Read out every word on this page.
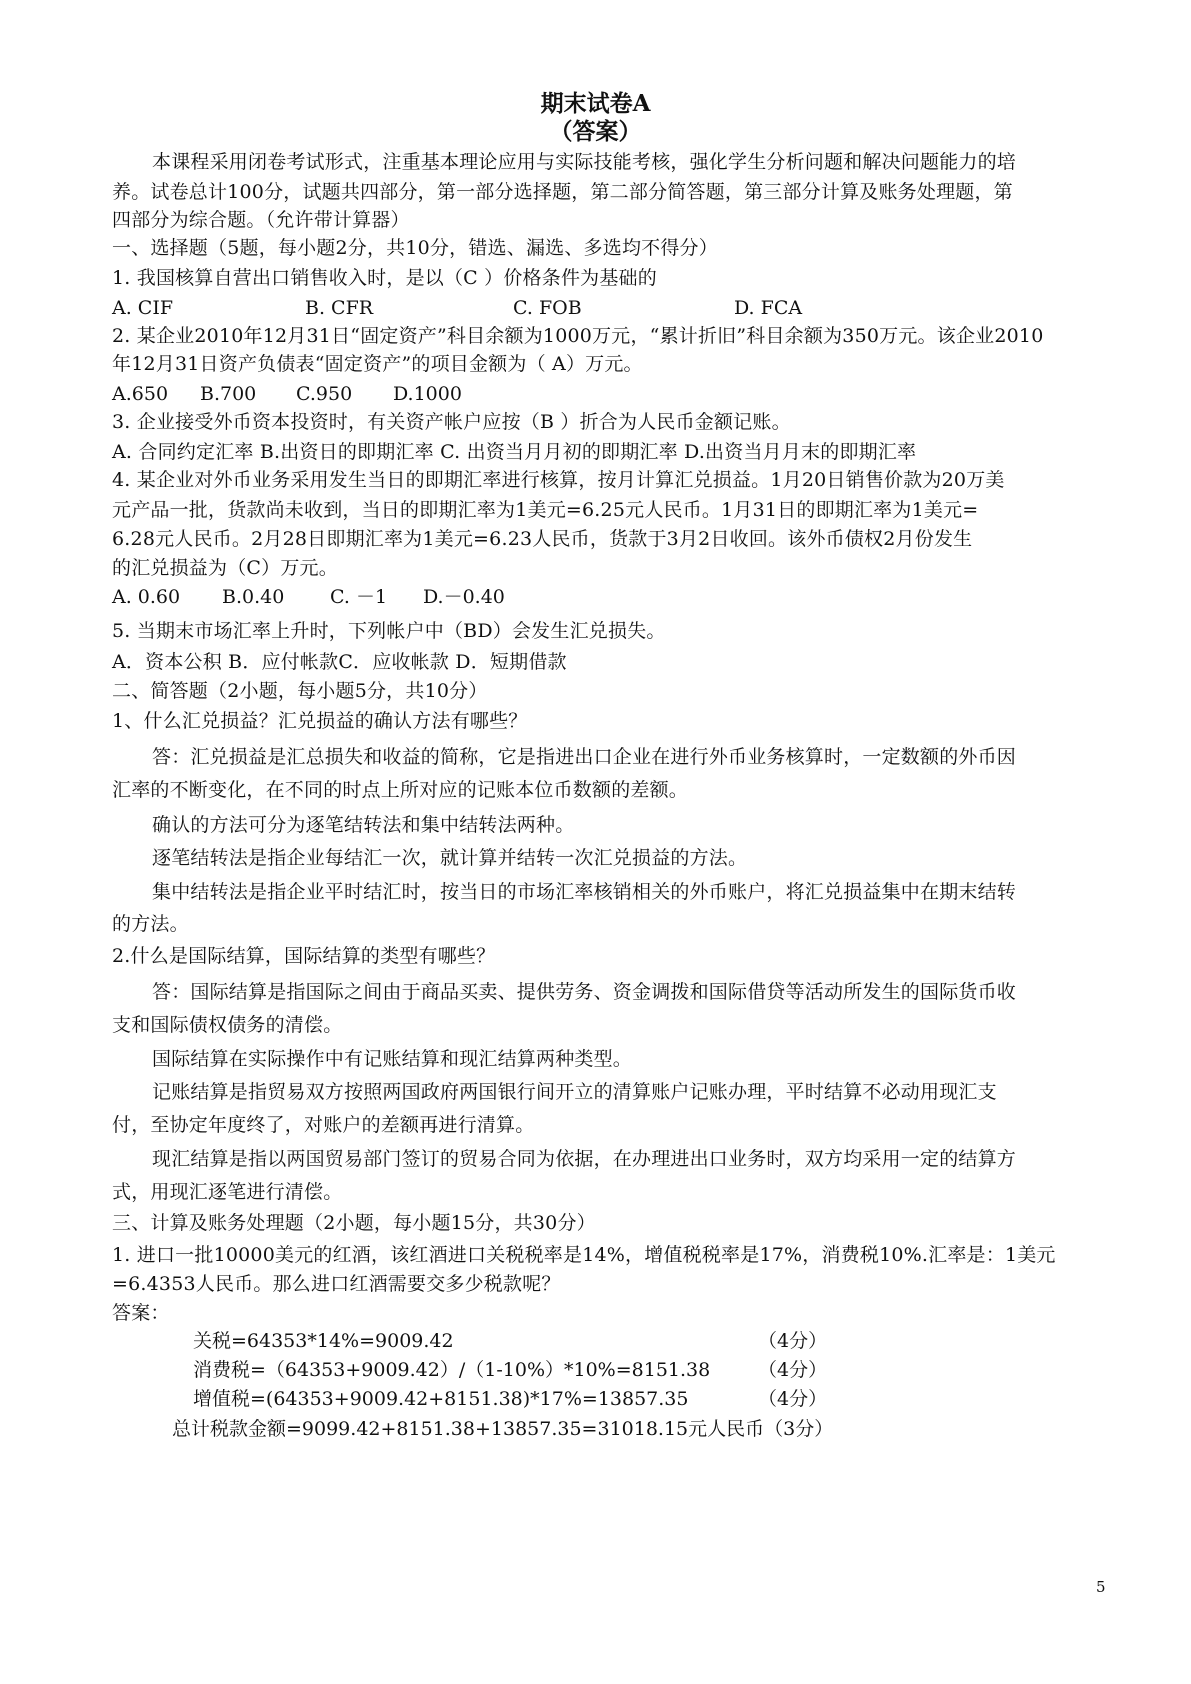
期末试卷A
（答案）
本课程采用闭卷考试形式，注重基本理论应用与实际技能考核，强化学生分析问题和解决问题能力的培
养。试卷总计100分，试题共四部分，第一部分选择题，第二部分简答题，第三部分计算及账务处理题，第
四部分为综合题。（允许带计算器）
一、选择题（5题，每小题2分，共10分，错选、漏选、多选均不得分）
1. 我国核算自营出口销售收入时，是以（C ）价格条件为基础的
A. CIF	B. CFR	C. FOB	D. FCA
2. 某企业2010年12月31日“固定资产”科目余额为1000万元，“累计折旧”科目余额为350万元。该企业2010
年12月31日资产负债表“固定资产”的项目金额为（ A）万元。
A.650 B.700 C.950 D.1000
3. 企业接受外币资本投资时，有关资产帐户应按（B ）折合为人民币金额记账。
A. 合同约定汇率 B.出资日的即期汇率 C. 出资当月月初的即期汇率 D.出资当月月末的即期汇率
4. 某企业对外币业务采用发生当日的即期汇率进行核算，按月计算汇兑损益。1月20日销售价款为20万美
元产品一批，货款尚未收到，当日的即期汇率为1美元=6.25元人民币。1月31日的即期汇率为1美元=
6.28元人民币。2月28日即期汇率为1美元=6.23人民币，货款于3月2日收回。该外币债权2月份发生
的汇兑损益为（C）万元。
A. 0.60 B.0.40 C. －1 D.－0.40
5. 当期末市场汇率上升时，下列帐户中（BD）会发生汇兑损失。
A．资本公积 B．应付帐款C．应收帐款 D．短期借款
二、简答题（2小题，每小题5分，共10分）
1、什么汇兑损益？汇兑损益的确认方法有哪些？
答：汇兑损益是汇总损失和收益的简称，它是指进出口企业在进行外币业务核算时，一定数额的外币因
汇率的不断变化，在不同的时点上所对应的记账本位币数额的差额。
确认的方法可分为逐笔结转法和集中结转法两种。
逐笔结转法是指企业每结汇一次，就计算并结转一次汇兑损益的方法。
集中结转法是指企业平时结汇时，按当日的市场汇率核销相关的外币账户，将汇兑损益集中在期末结转
的方法。
2.什么是国际结算，国际结算的类型有哪些？
答：国际结算是指国际之间由于商品买卖、提供劳务、资金调拨和国际借贷等活动所发生的国际货币收
支和国际债权债务的清偿。
国际结算在实际操作中有记账结算和现汇结算两种类型。
记账结算是指贸易双方按照两国政府两国银行间开立的清算账户记账办理，平时结算不必动用现汇支
付，至协定年度终了，对账户的差额再进行清算。
现汇结算是指以两国贸易部门签订的贸易合同为依据，在办理进出口业务时，双方均采用一定的结算方
式，用现汇逐笔进行清偿。
三、计算及账务处理题（2小题，每小题15分，共30分）
1. 进口一批10000美元的红酒，该红酒进口关税税率是14%，增值税税率是17%，消费税10%.汇率是：1美元
=6.4353人民币。那么进口红酒需要交多少税款呢？
答案：
关税=64353*14%=9009.42	（4分）
消费税=（64353+9009.42）/（1-10%）*10%=8151.38	（4分）
增值税=(64353+9009.42+8151.38)*17%=13857.35	（4分）
总计税款金额=9099.42+8151.38+13857.35=31018.15元人民币（3分）
5
